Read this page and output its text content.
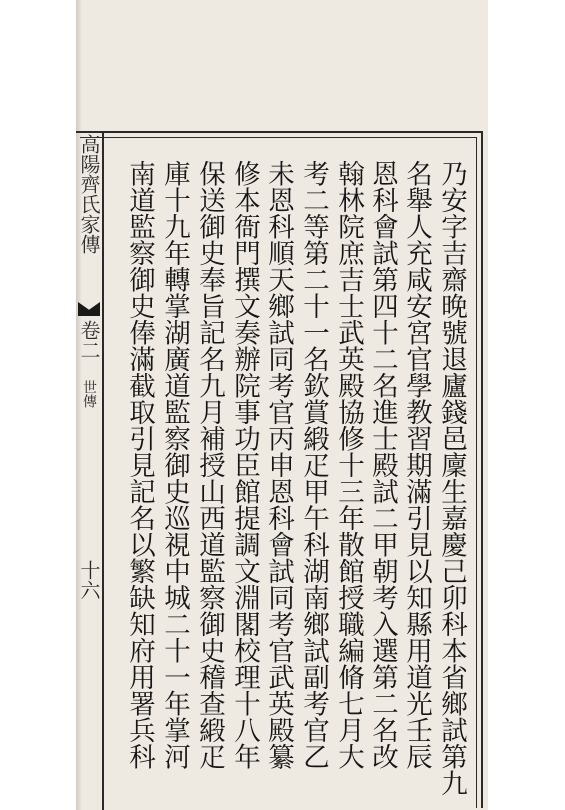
高陽齊氏家傳
卷二
世傳
十六	乃安字吉齋晚號退廬錢邑廩生嘉慶己卯科本省鄉試第九
名舉人充咸安宮官學教習期滿引見以知縣用道光壬辰
恩科會試第四十二名進士殿試二甲朝考入選第二名改
翰林院庶吉士武英殿協修十三年散館授職編脩七月大
考二等第二十一名欽賞緞疋甲午科湖南鄉試副考官乙
未恩科順天鄉試同考官丙申恩科會試同考官武英殿纂
修本衙門撰文奏辦院事功臣館提調文淵閣校理十八年
保送御史奉旨記名九月補授山西道監察御史稽查緞疋
庫十九年轉掌湖廣道監察御史巡視中城二十一年掌河
南道監察御史俸滿截取引見記名以繁缺知府用署兵科
